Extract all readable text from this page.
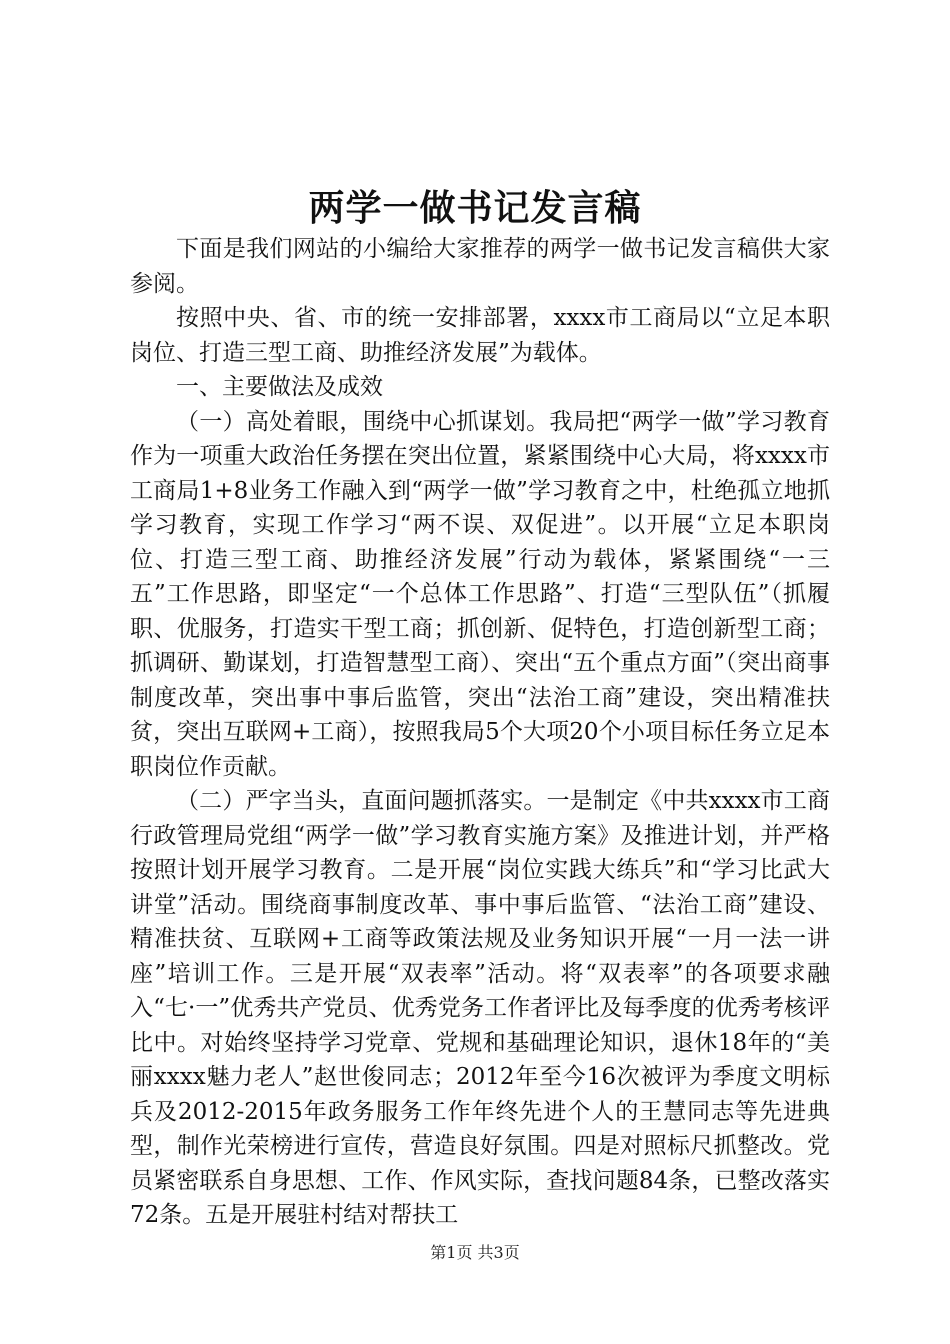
两学一做书记发言稿

下面是我们网站的小编给大家推荐的两学一做书记发言稿供大家参阅。

按照中央、省、市的统一安排部署，xxxx市工商局以“立足本职岗位、打造三型工商、助推经济发展”为载体。

一、主要做法及成效

（一）高处着眼，围绕中心抓谋划。我局把“两学一做”学习教育作为一项重大政治任务摆在突出位置，紧紧围绕中心大局，将xxxx市工商局1+8业务工作融入到“两学一做”学习教育之中，杜绝孤立地抓学习教育，实现工作学习“两不误、双促进”。以开展“立足本职岗位、打造三型工商、助推经济发展”行动为载体，紧紧围绕“一三五”工作思路，即坚定“一个总体工作思路”、打造“三型队伍”（抓履职、优服务，打造实干型工商；抓创新、促特色，打造创新型工商；抓调研、勤谋划，打造智慧型工商）、突出“五个重点方面”（突出商事制度改革，突出事中事后监管，突出“法治工商”建设，突出精准扶贫，突出互联网+工商），按照我局5个大项20个小项目标任务立足本职岗位作贡献。

（二）严字当头，直面问题抓落实。一是制定《中共xxxx市工商行政管理局党组“两学一做”学习教育实施方案》及推进计划，并严格按照计划开展学习教育。二是开展“岗位实践大练兵”和“学习比武大讲堂”活动。围绕商事制度改革、事中事后监管、“法治工商”建设、精准扶贫、互联网+工商等政策法规及业务知识开展“一月一法一讲座”培训工作。三是开展“双表率”活动。将“双表率”的各项要求融入“七·一”优秀共产党员、优秀党务工作者评比及每季度的优秀考核评比中。对始终坚持学习党章、党规和基础理论知识，退休18年的“美丽xxxx魅力老人”赵世俊同志；2012年至今16次被评为季度文明标兵及2012-2015年政务服务工作年终先进个人的王慧同志等先进典型，制作光荣榜进行宣传，营造良好氛围。四是对照标尺抓整改。党员紧密联系自身思想、工作、作风实际，查找问题84条，已整改落实72条。五是开展驻村结对帮扶工

第1页 共3页
